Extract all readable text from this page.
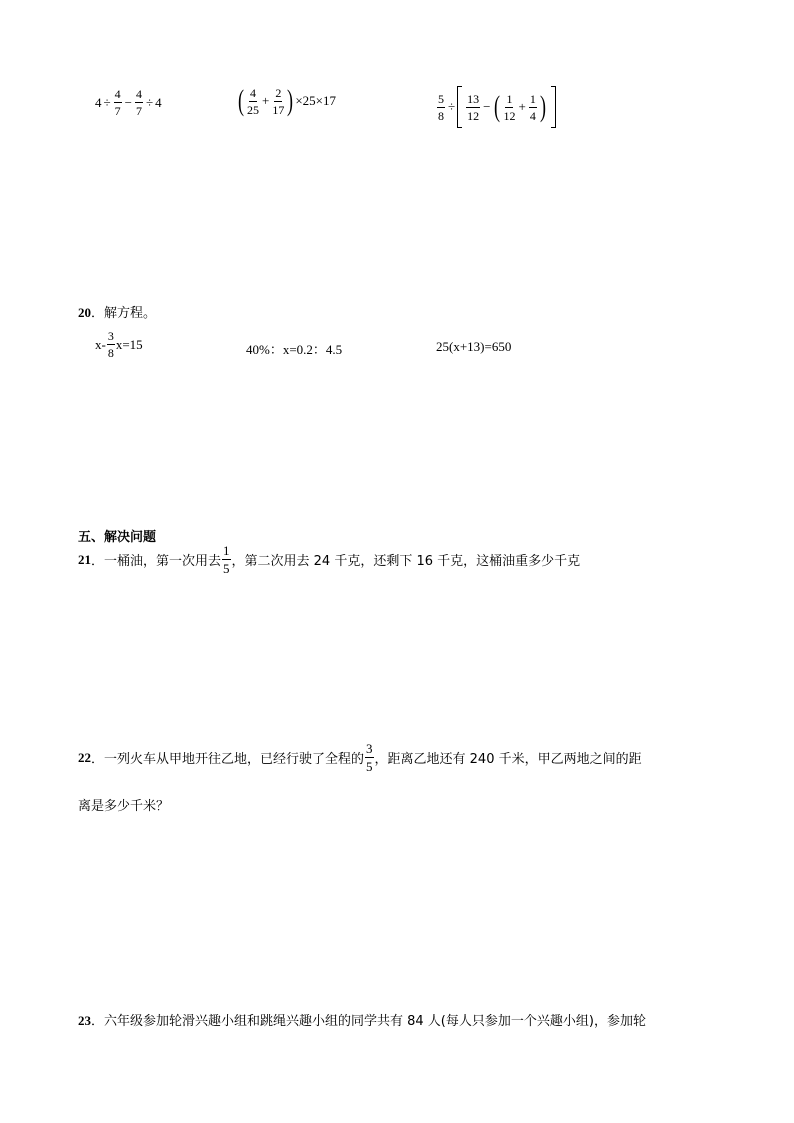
$4 \div \frac{4}{7} - \frac{4}{7} \div 4$	( $\frac{4}{25} + \frac{2}{17}$ ) ×25×17	$\frac{5}{8} \div \frac{13}{12}$ − ( $\frac{1}{12} + \frac{1}{4}$ )
20．解方程。
$x- \frac{3}{8} x=15$	40%：x=0.2：4.5	25(x+13)=650
五、解决问题
21 ．一桶油，第一次用去 $\frac{1}{5}$ ，第二次用去 24 千克，还剩下 16 千克，这桶油重多少千克
22 ．一列火车从甲地开往乙地，已经行驶了全程的 $\frac{3}{5}$ ，距离乙地还有 240 千米，甲乙两地之间的距
离是多少千米？
23．六年级参加轮滑兴趣小组和跳绳兴趣小组的同学共有 84 人(每人只参加一个兴趣小组)，参加轮
